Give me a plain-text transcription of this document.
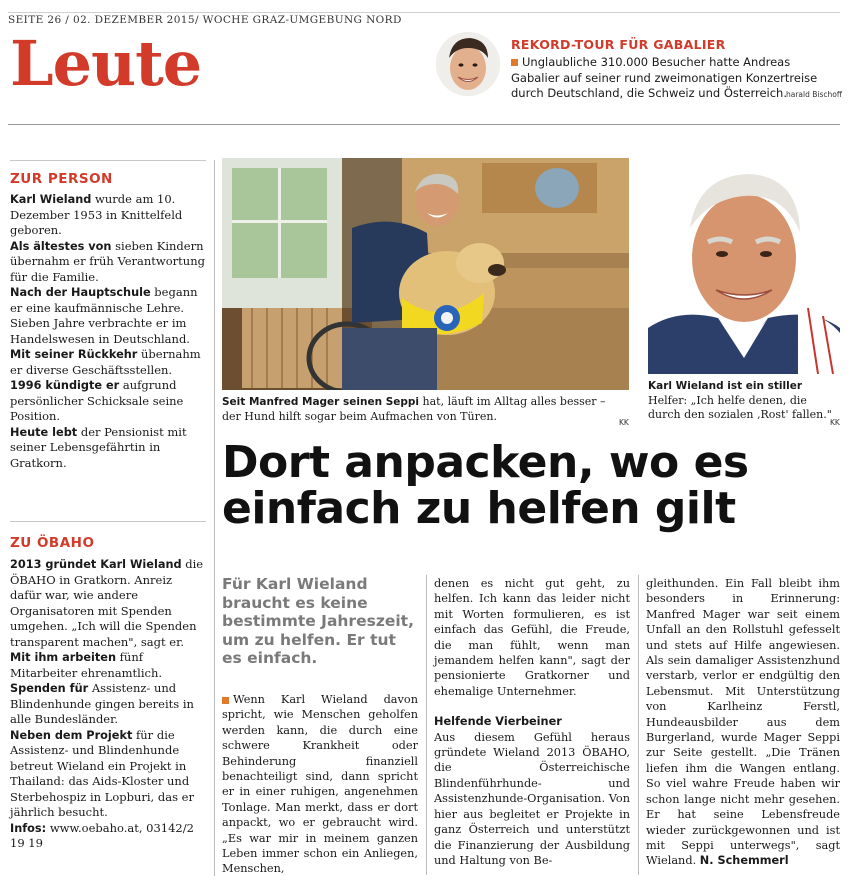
SEITE 26 / 02. DEZEMBER 2015/ WOCHE GRAZ-UMGEBUNG NORD
Leute	REKORD-TOUR FÜR GABALIER
Unglaubliche 310.000 Besucher hatte Andreas Gabalier auf seiner rund zweimonatigen Konzertreise durch Deutschland, die Schweiz und Österreich.
harald Bischoff
ZUR PERSON

Karl Wieland wurde am 10. Dezember 1953 in Knittelfeld geboren.

Als ältestes von sieben Kindern übernahm er früh Verantwortung für die Familie.

Nach der Hauptschule begann er eine kaufmännische Lehre. Sieben Jahre verbrachte er im Handelswesen in Deutschland.

Mit seiner Rückkehr übernahm er diverse Geschäftsstellen.

1996 kündigte er aufgrund persönlicher Schicksale seine Position.

Heute lebt der Pensionist mit seiner Lebensgefährtin in Gratkorn.

ZU ÖBAHO

2013 gründet Karl Wieland die ÖBAHO in Gratkorn. Anreiz dafür war, wie andere Organisatoren mit Spenden umgehen. „Ich will die Spenden transparent machen", sagt er.

Mit ihm arbeiten fünf Mitarbeiter ehrenamtlich.

Spenden für Assistenz- und Blindenhunde gingen bereits in alle Bundesländer.

Neben dem Projekt für die Assistenz- und Blindenhunde betreut Wieland ein Projekt in Thailand: das Aids-Kloster und Sterbehospiz in Lopburi, das er jährlich besucht.

Infos: www.oebaho.at, 03142/2 19 19

Seit Manfred Mager seinen Seppi hat, läuft im Alltag alles besser – der Hund hilft sogar beim Aufmachen von Türen.	KK
Karl Wieland ist ein stiller Helfer: „Ich helfe denen, die durch den sozialen ‚Rost' fallen."
KK
Dort anpacken, wo es einfach zu helfen gilt
Für Karl Wieland braucht es keine bestimmte Jahreszeit, um zu helfen. Er tut es einfach.

Wenn Karl Wieland davon spricht, wie Menschen geholfen werden kann, die durch eine schwere Krankheit oder Behinderung finanziell benachteiligt sind, dann spricht er in einer ruhigen, angenehmen Tonlage. Man merkt, dass er dort anpackt, wo er gebraucht wird. „Es war mir in meinem ganzen Leben immer schon ein Anliegen, Menschen,

denen es nicht gut geht, zu helfen. Ich kann das leider nicht mit Worten formulieren, es ist einfach das Gefühl, die Freude, die man fühlt, wenn man jemandem helfen kann", sagt der pensionierte Gratkorner und ehemalige Unternehmer.

Helfende Vierbeiner

Aus diesem Gefühl heraus gründete Wieland 2013 ÖBAHO, die Österreichische Blindenführhunde- und Assistenzhunde-Organisation. Von hier aus begleitet er Projekte in ganz Österreich und unterstützt die Finanzierung der Ausbildung und Haltung von Be-

gleithunden. Ein Fall bleibt ihm besonders in Erinnerung: Manfred Mager war seit einem Unfall an den Rollstuhl gefesselt und stets auf Hilfe angewiesen. Als sein damaliger Assistenzhund verstarb, verlor er endgültig den Lebensmut. Mit Unterstützung von Karlheinz Ferstl, Hundeausbilder aus dem Burgerland, wurde Mager Seppi zur Seite gestellt. „Die Tränen liefen ihm die Wangen entlang. So viel wahre Freude haben wir schon lange nicht mehr gesehen. Er hat seine Lebensfreude wieder zurückgewonnen und ist mit Seppi unterwegs", sagt Wieland. N. Schemmerl
